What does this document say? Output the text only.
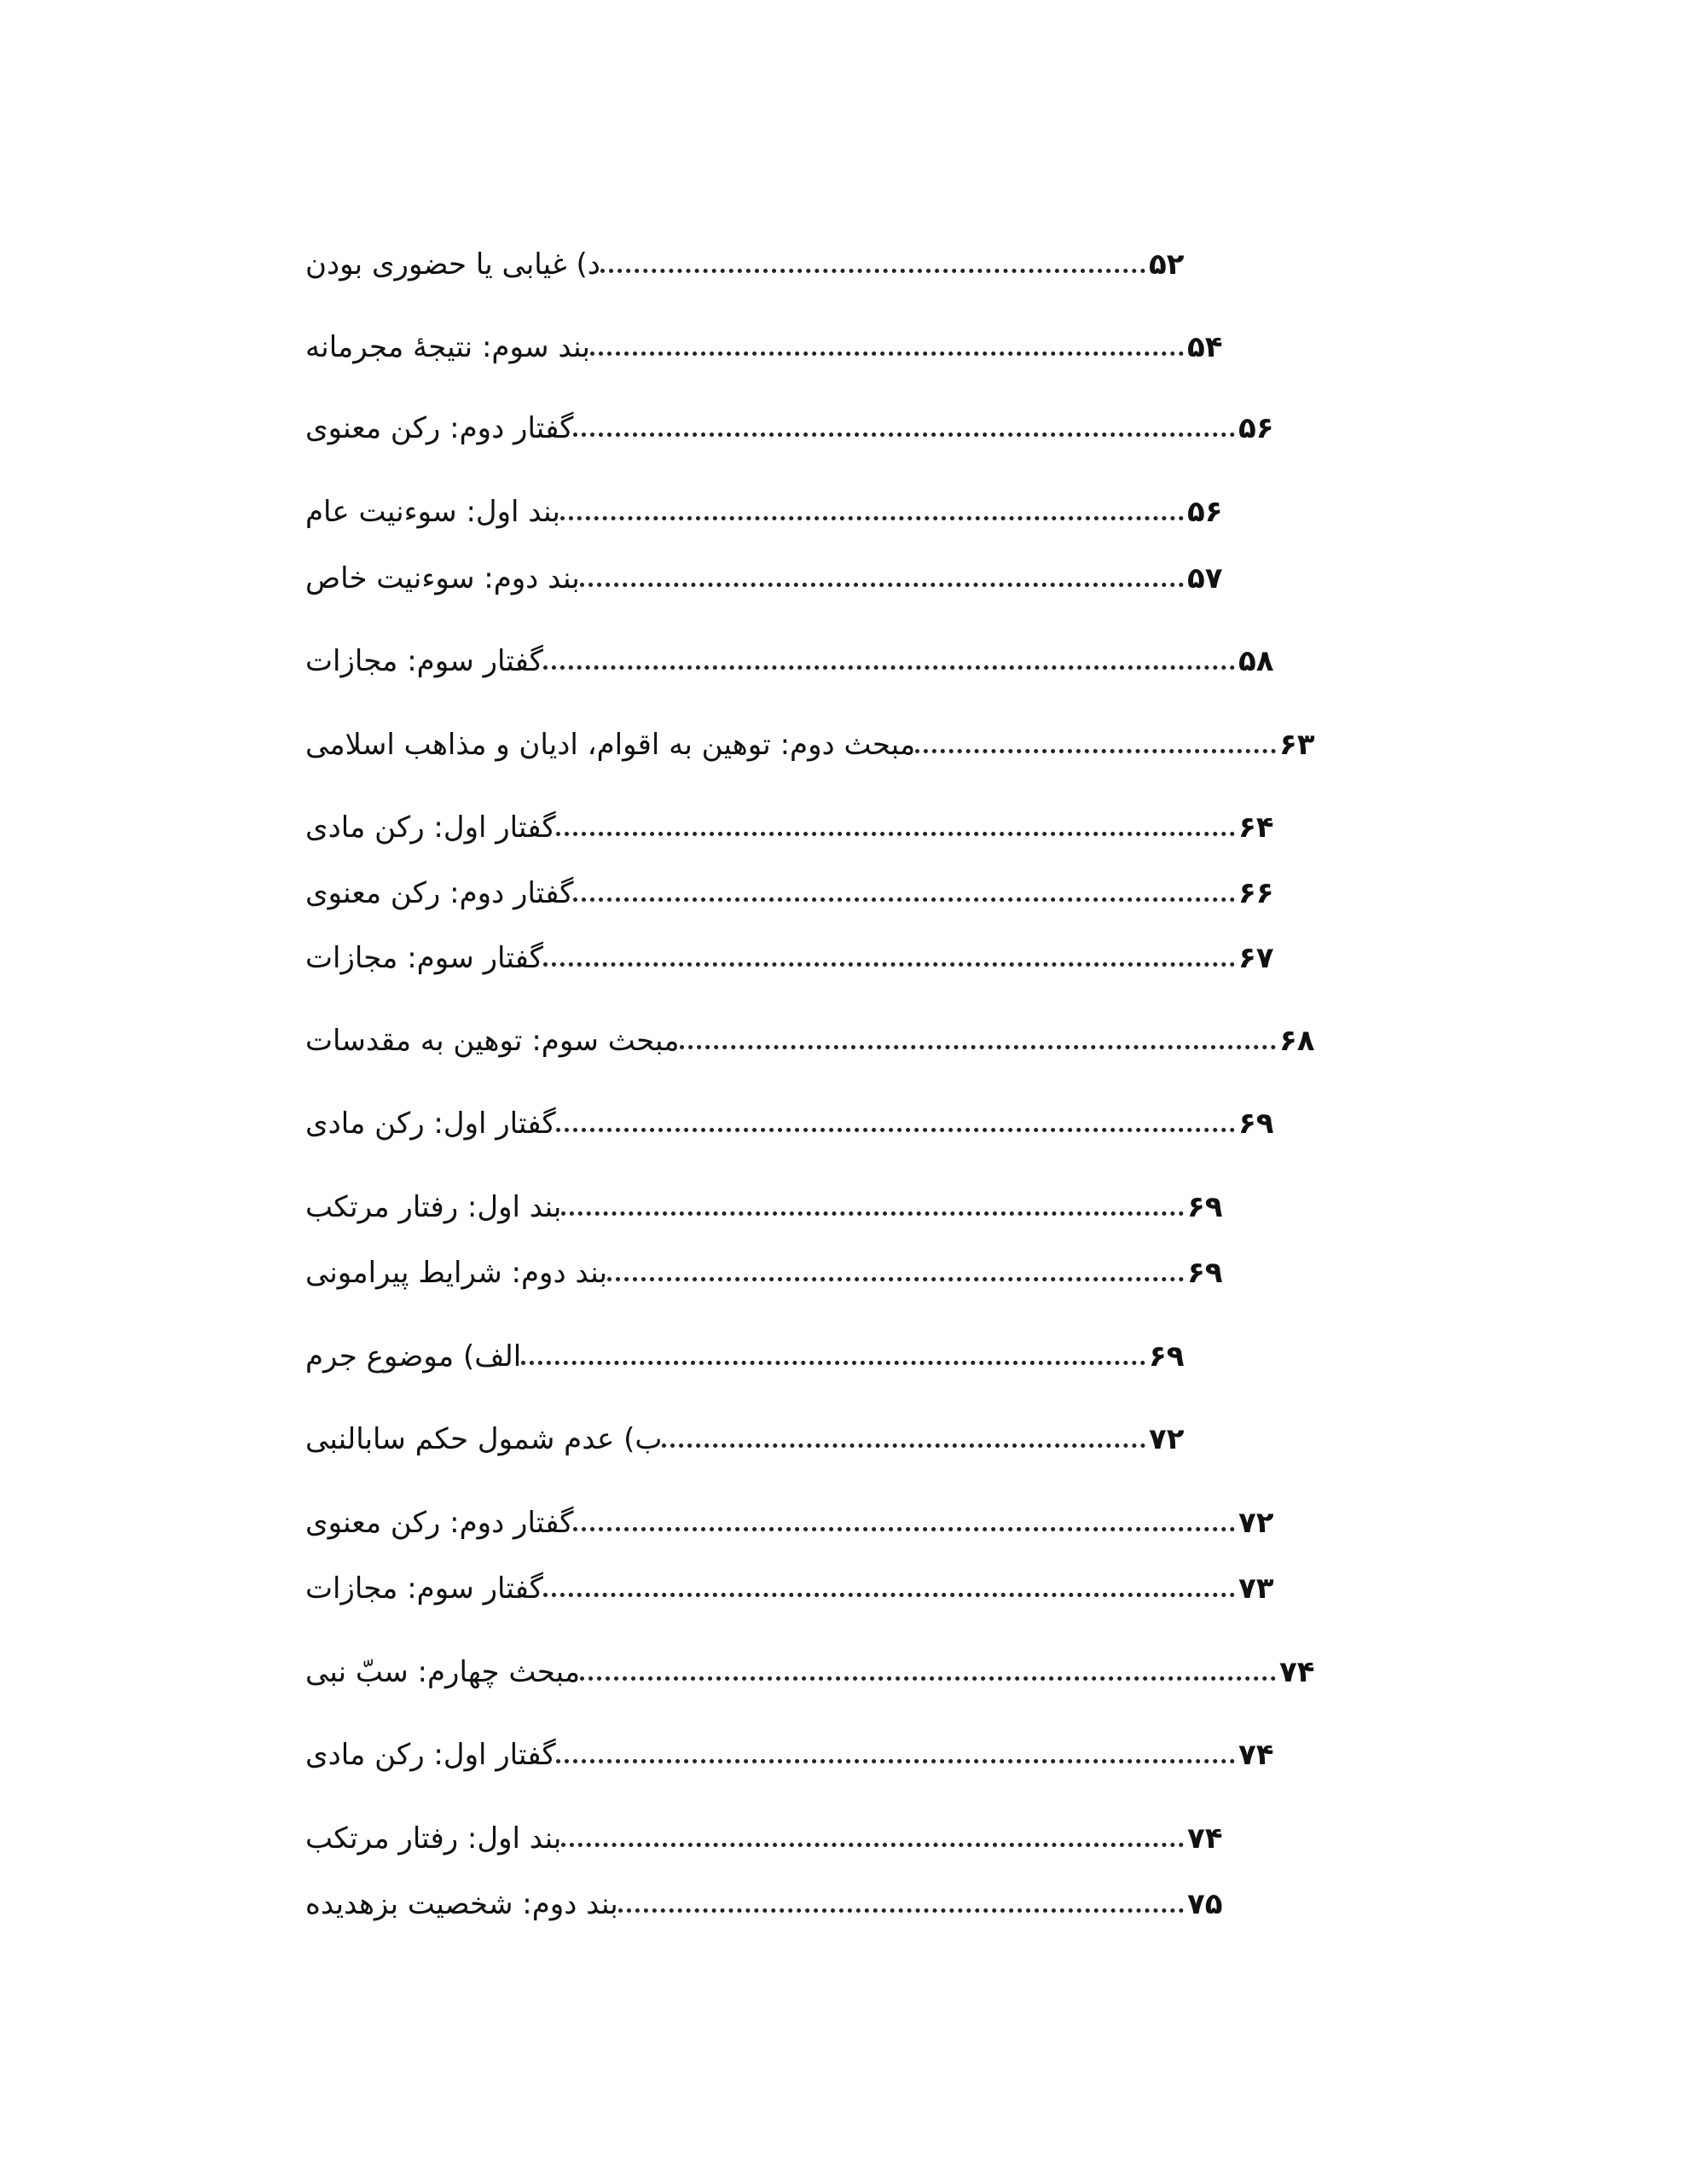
د) غیابی یا حضوری بودن	۵۲
بند سوم: نتیجهٔ مجرمانه	۵۴
گفتار دوم: رکن معنوی	۵۶
بند اول: سوءنیت عام	۵۶
بند دوم: سوءنیت خاص	۵۷
گفتار سوم: مجازات	۵۸
مبحث دوم: توهین به اقوام، ادیان و مذاهب اسلامی	۶۳
گفتار اول: رکن مادی	۶۴
گفتار دوم: رکن معنوی	۶۶
گفتار سوم: مجازات	۶۷
مبحث سوم: توهین به مقدسات	۶۸
گفتار اول: رکن مادی	۶۹
بند اول: رفتار مرتکب	۶۹
بند دوم: شرایط پیرامونی	۶۹
الف) موضوع جرم	۶۹
ب) عدم شمول حکم سابالنبی	۷۲
گفتار دوم: رکن معنوی	۷۲
گفتار سوم: مجازات	۷۳
مبحث چهارم: سبّ نبی	۷۴
گفتار اول: رکن مادی	۷۴
بند اول: رفتار مرتکب	۷۴
بند دوم: شخصیت بزهدیده	۷۵
